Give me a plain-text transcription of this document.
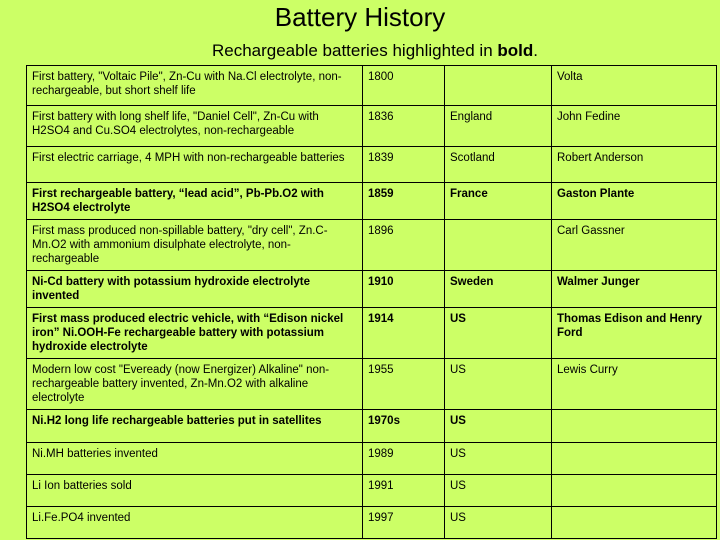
Battery History
Rechargeable batteries highlighted in bold.
First battery, "Voltaic Pile", Zn-Cu with Na.Cl electrolyte, non-rechargeable, but short shelf life	1800		Volta
First battery with long shelf life, "Daniel Cell", Zn-Cu with H2SO4 and Cu.SO4 electrolytes, non-rechargeable	1836	England	John Fedine
First electric carriage, 4 MPH with non-rechargeable batteries	1839	Scotland	Robert Anderson
First rechargeable battery, “lead acid”, Pb-Pb.O2 with H2SO4 electrolyte	1859	France	Gaston Plante
First mass produced non-spillable battery, "dry cell", Zn.C-Mn.O2 with ammonium disulphate electrolyte, non-rechargeable	1896		Carl Gassner
Ni-Cd battery with potassium hydroxide electrolyte invented	1910	Sweden	Walmer Junger
First mass produced electric vehicle, with “Edison nickel iron” Ni.OOH-Fe rechargeable battery with potassium hydroxide electrolyte	1914	US	Thomas Edison and Henry Ford
Modern low cost "Eveready (now Energizer) Alkaline" non-rechargeable battery invented, Zn-Mn.O2 with alkaline electrolyte	1955	US	Lewis Curry
Ni.H2 long life rechargeable batteries put in satellites	1970s	US	
Ni.MH batteries invented	1989	US	
Li Ion batteries sold	1991	US	
Li.Fe.PO4 invented	1997	US	
